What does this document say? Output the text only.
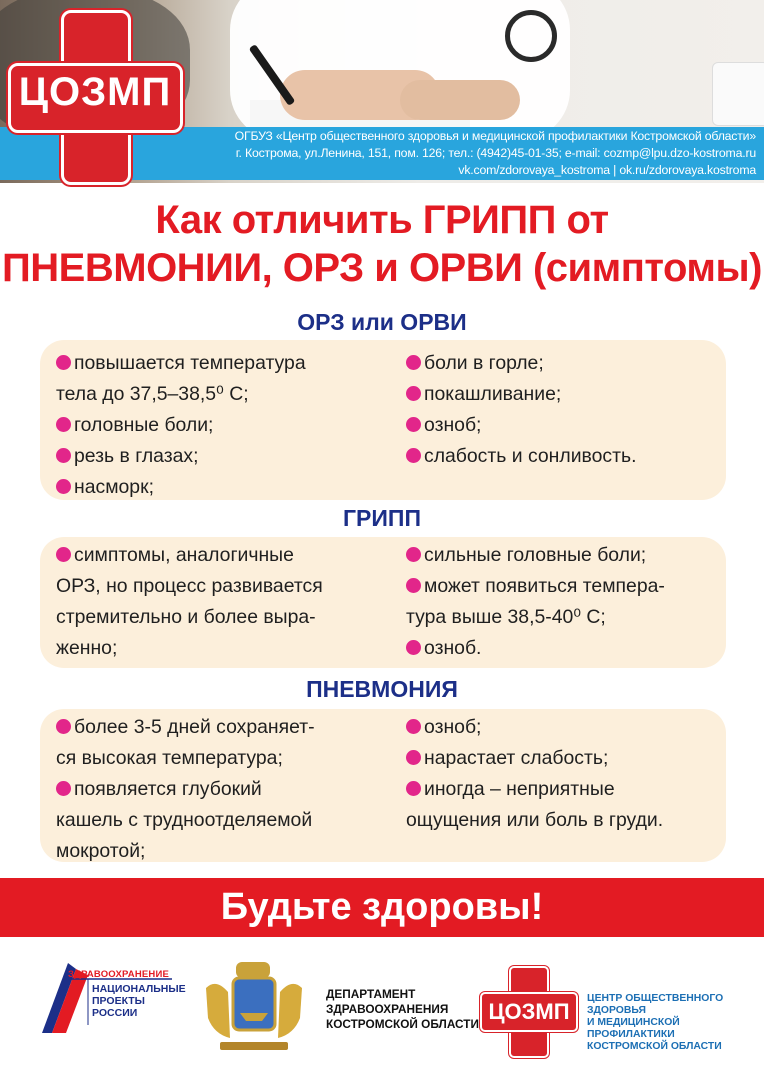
ОГБУЗ «Центр общественного здоровья и медицинской профилактики Костромской области»
г. Кострома, ул.Ленина, 151, пом. 126; тел.: (4942)45-01-35; e-mail: cozmp@lpu.dzo-kostroma.ru
vk.com/zdorovaya_kostroma | ok.ru/zdorovaya.kostroma
ЦОЗМП
Как отличить ГРИПП от
ПНЕВМОНИИ, ОРЗ и ОРВИ (симптомы)
ОРЗ или ОРВИ
повышается температура
тела до 37,5–38,5⁰ С;
головные боли;
резь в глазах;
насморк;
боли в горле;
покашливание;
озноб;
слабость и сонливость.
ГРИПП
симптомы, аналогичные
ОРЗ, но процесс развивается
стремительно и более выра-
женно;
сильные головные боли;
может появиться темпера-
тура выше 38,5-40⁰ С;
озноб.
ПНЕВМОНИЯ
более 3-5 дней сохраняет-
ся высокая температура;
появляется глубокий
кашель с трудноотделяемой
мокротой;
озноб;
нарастает слабость;
иногда – неприятные
ощущения или боль в груди.
Будьте здоровы!
ЗДРАВООХРАНЕНИЕ
НАЦИОНАЛЬНЫЕ
ПРОЕКТЫ
РОССИИ
ДЕПАРТАМЕНТ
ЗДРАВООХРАНЕНИЯ
КОСТРОМСКОЙ ОБЛАСТИ ЦОЗМП
ЦЕНТР ОБЩЕСТВЕННОГО ЗДОРОВЬЯ
И МЕДИЦИНСКОЙ ПРОФИЛАКТИКИ
КОСТРОМСКОЙ ОБЛАСТИ
